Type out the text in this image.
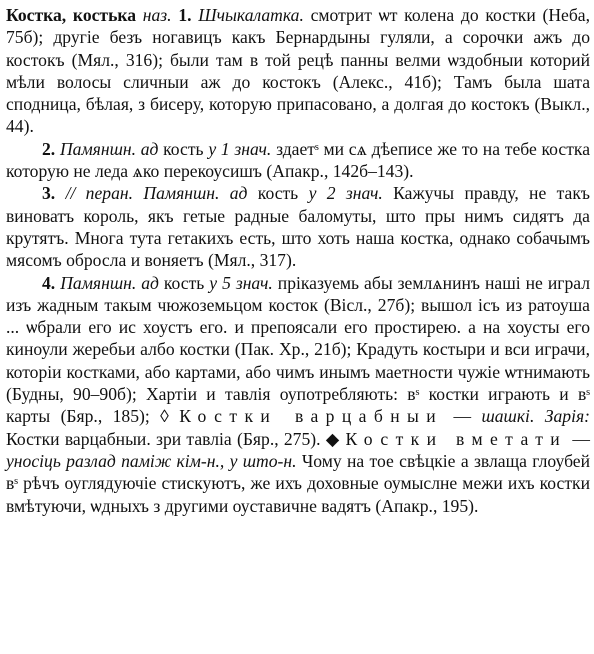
Костка, костька наз. 1. Шчыкалатка. смотрит ѡт колена до костки (Неба, 75б); другіе безъ ногавицъ какъ Бернардыны гуляли, а сорочки ажъ до костокъ (Мял., 316); были там в той рецѣ панны велми ѡздобныи которий мѣли волосы сличныи аж до костокъ (Алекс., 41б); Тамъ была шата сподница, бѣлая, з бисеру, которую припасовано, а долгая до костокъ (Выкл., 44).

2. Памяншн. ад кость у 1 знач. здаетˢ ми сѧ дѣеписе же то на тебе костка которую не леда ѧко перекоусишъ (Апакр., 142б–143).

3. // перан. Памяншн. ад кость у 2 знач. Кажучы правду, не такъ виноватъ король, якъ гетые радные баломуты, што пры нимъ сидятъ да крутятъ. Многа тута гетакихъ есть, што хоть наша костка, однако собачымъ мясомъ обросла и воняетъ (Мял., 317).

4. Памяншн. ад кость у 5 знач. пріказуемь абы землѧнинъ наші не играл изъ жадным такым чюжоземьцом косток (Вісл., 27б); вышол ісъ из ратоуша ... ѡбрали его ис хоустъ его. и препоясали его простирею. а на хоусты его киноули жеребьи албо костки (Пак. Хр., 21б); Крадуть костыри и вси играчи, которіи костками, або картами, або чимъ инымъ маетности чужіе ѡтнимають (Будны, 90–90б); Хартіи и тавлія оупотребляють: вˢ костки играють и вˢ карты (Бяр., 185); ◊ Костки варцабныи — шашкі. Зарія: Костки варцабныи. зри тавліа (Бяр., 275). ◆ Костки вметати — уносіць разлад паміж кім-н., у што-н. Чому на тое свѣцкіе а звлаща глоубей вˢ рѣчъ оуглядуючіе стискуютъ, же ихъ доховные оумыслне межи ихъ костки вмѣтуючи, ѡдныхъ з другими оуставичне вадятъ (Апакр., 195).
